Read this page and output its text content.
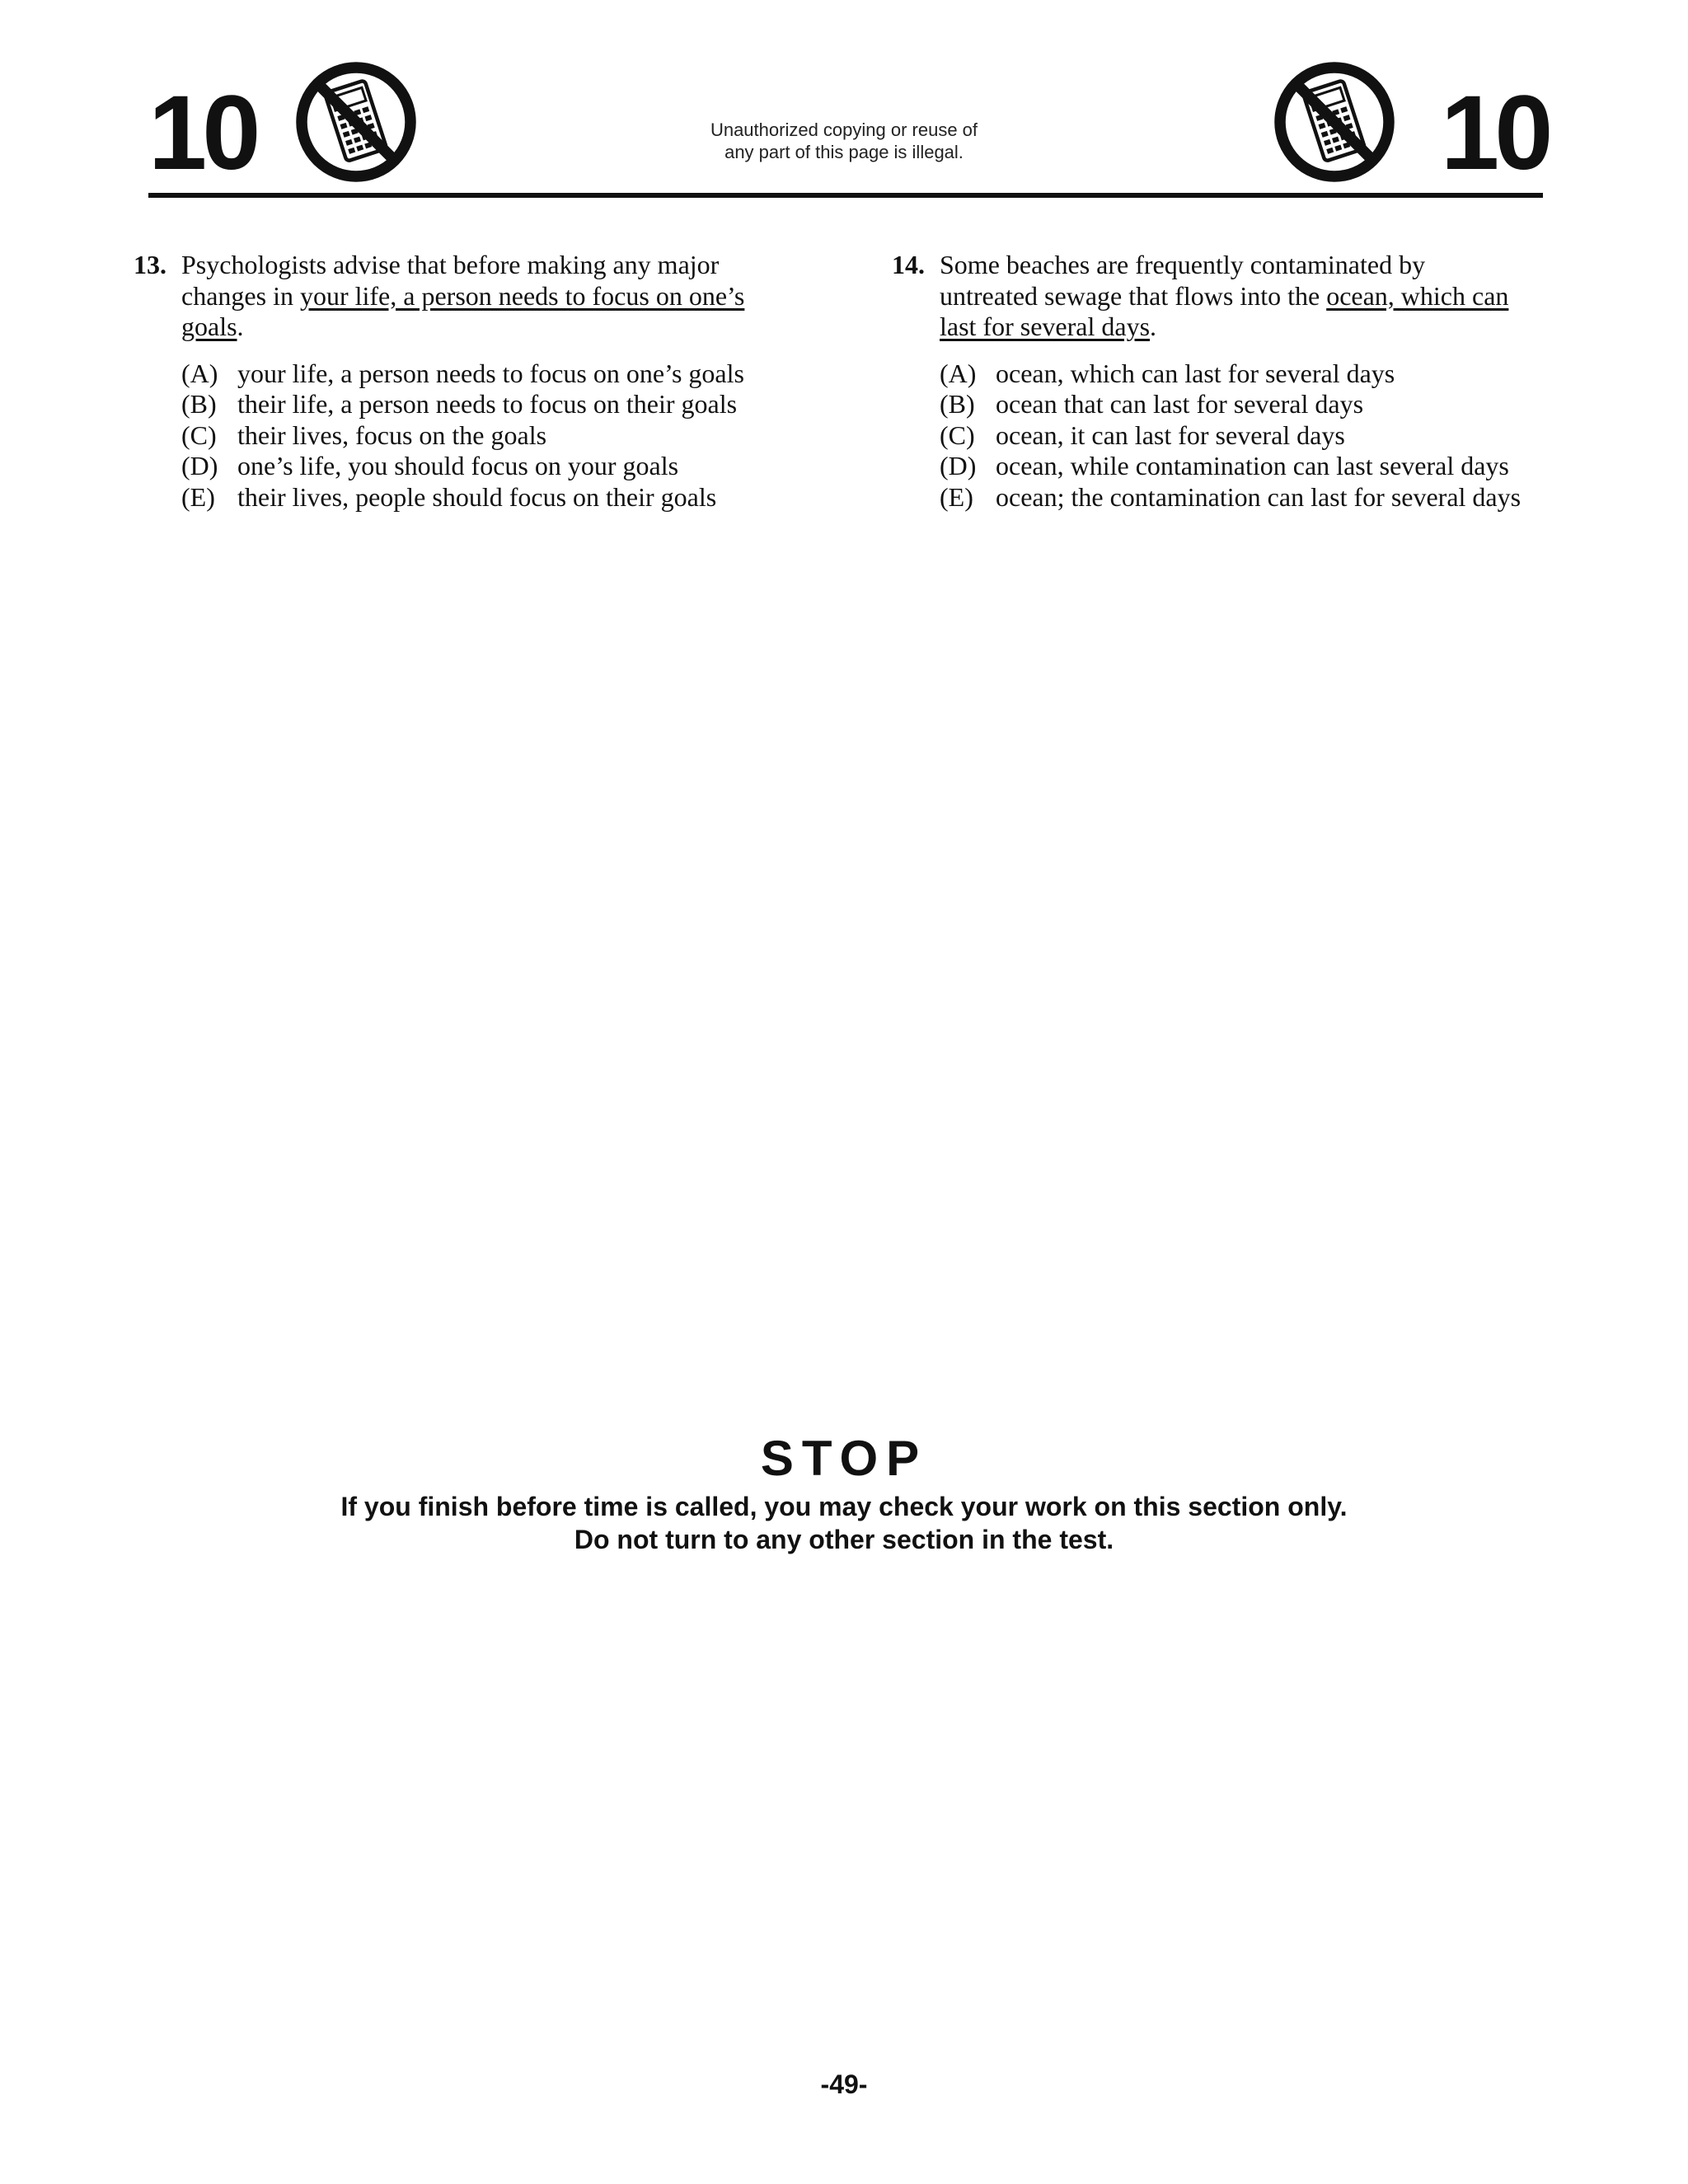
10	Unauthorized copying or reuse of
any part of this page is illegal.	10
13. Psychologists advise that before making any major
changes in your life, a person needs to focus on one’s
goals.
(A) your life, a person needs to focus on one’s goals
(B) their life, a person needs to focus on their goals
(C) their lives, focus on the goals
(D) one’s life, you should focus on your goals
(E) their lives, people should focus on their goals
14. Some beaches are frequently contaminated by
untreated sewage that flows into the ocean, which can
last for several days.
(A) ocean, which can last for several days
(B) ocean that can last for several days
(C) ocean, it can last for several days
(D) ocean, while contamination can last several days
(E) ocean; the contamination can last for several days
STOP
If you finish before time is called, you may check your work on this section only.
Do not turn to any other section in the test.
-49-
